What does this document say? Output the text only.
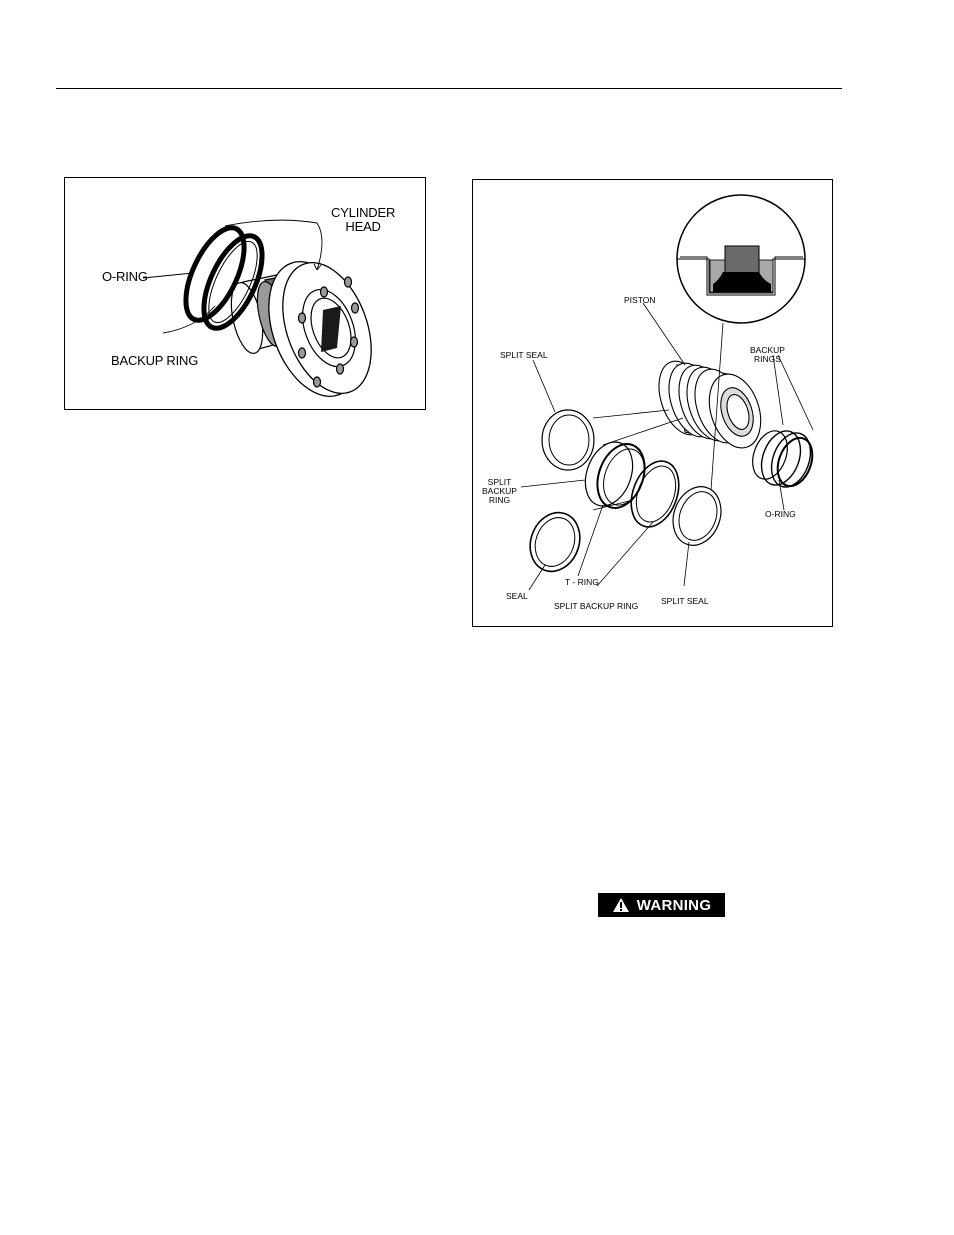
CYLINDER
HEAD
O-RING
BACKUP RING
PISTON
SPLIT SEAL	BACKUP
RINGS
SPLIT
BACKUP
RING
O-RING
SEAL
T - RING
SPLIT BACKUP RING	SPLIT SEAL
WARNING
